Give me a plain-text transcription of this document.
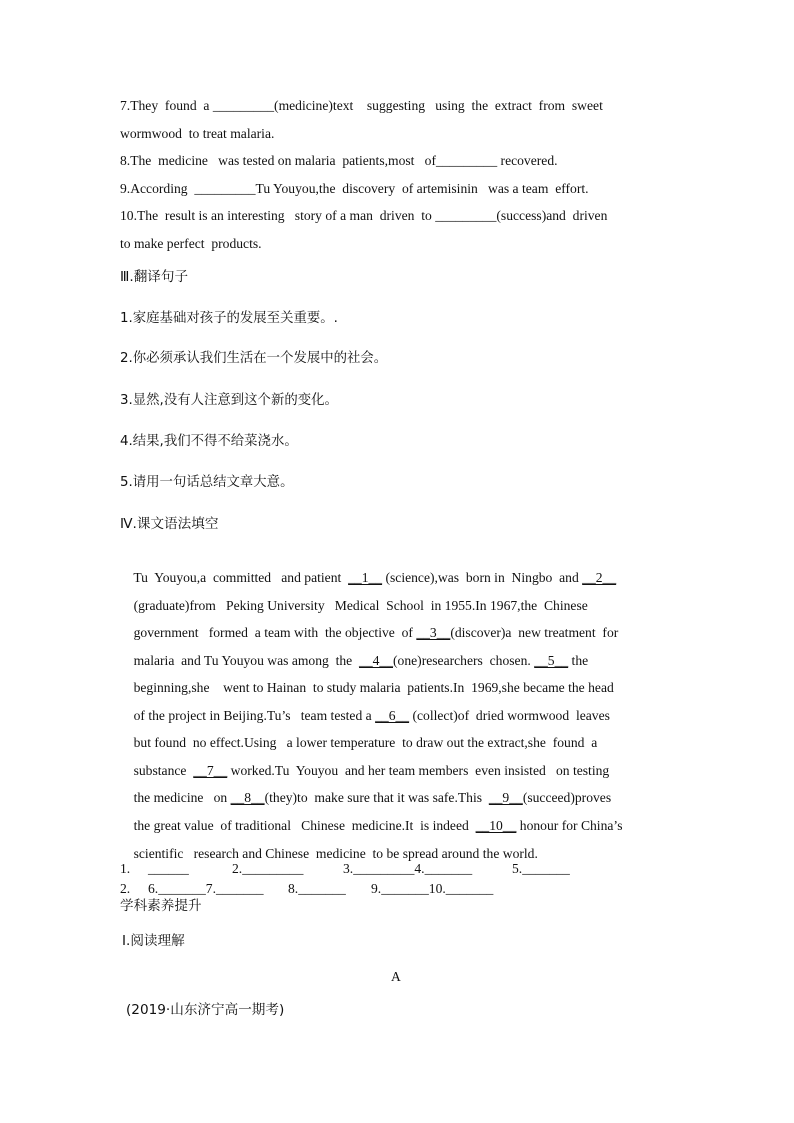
7.They  found  a _________(medicine)text    suggesting   using  the  extract  from  sweet
wormwood  to treat malaria.
8.The  medicine   was tested on malaria  patients,most   of_________ recovered.
9.According  _________Tu Youyou,the  discovery  of artemisinin   was a team  effort.
10.The  result is an interesting   story of a man  driven  to _________(success)and  driven
to make perfect  products.
Ⅲ.翻译句子
1.家庭基础对孩子的发展至关重要。.
2.你必须承认我们生活在一个发展中的社会。
3.显然,没有人注意到这个新的变化。
4.结果,我们不得不给菜浇水。
5.请用一句话总结文章大意。
Ⅳ.课文语法填空

Tu  Youyou,a  committed   and patient  __1__ (science),was  born in  Ningbo  and __2__

(graduate)from   Peking University   Medical  School  in 1955.In 1967,the  Chinese

government   formed  a team with  the objective  of __3__(discover)a  new treatment  for

malaria  and Tu Youyou was among  the  __4__(one)researchers  chosen. __5__ the

beginning,she    went to Hainan  to study malaria  patients.In  1969,she became the head

of the project in Beijing.Tu’s   team tested a __6__ (collect)of  dried wormwood  leaves

but found  no effect.Using   a lower temperature  to draw out the extract,she  found  a

substance  __7__ worked.Tu  Youyou  and her team members  even insisted   on testing

the medicine   on __8__(they)to  make sure that it was safe.This  __9__(succeed)proves

the great value  of traditional   Chinese  medicine.It  is indeed  __10__ honour for China’s

scientific   research and Chinese  medicine  to be spread around the world.

1. ______	2._________	3._________4._______	5._______
2. 6._______7._______ 8._______ 9._______10._______
学科素养提升
Ⅰ.阅读理解
A
(2019·山东济宁高一期考)
